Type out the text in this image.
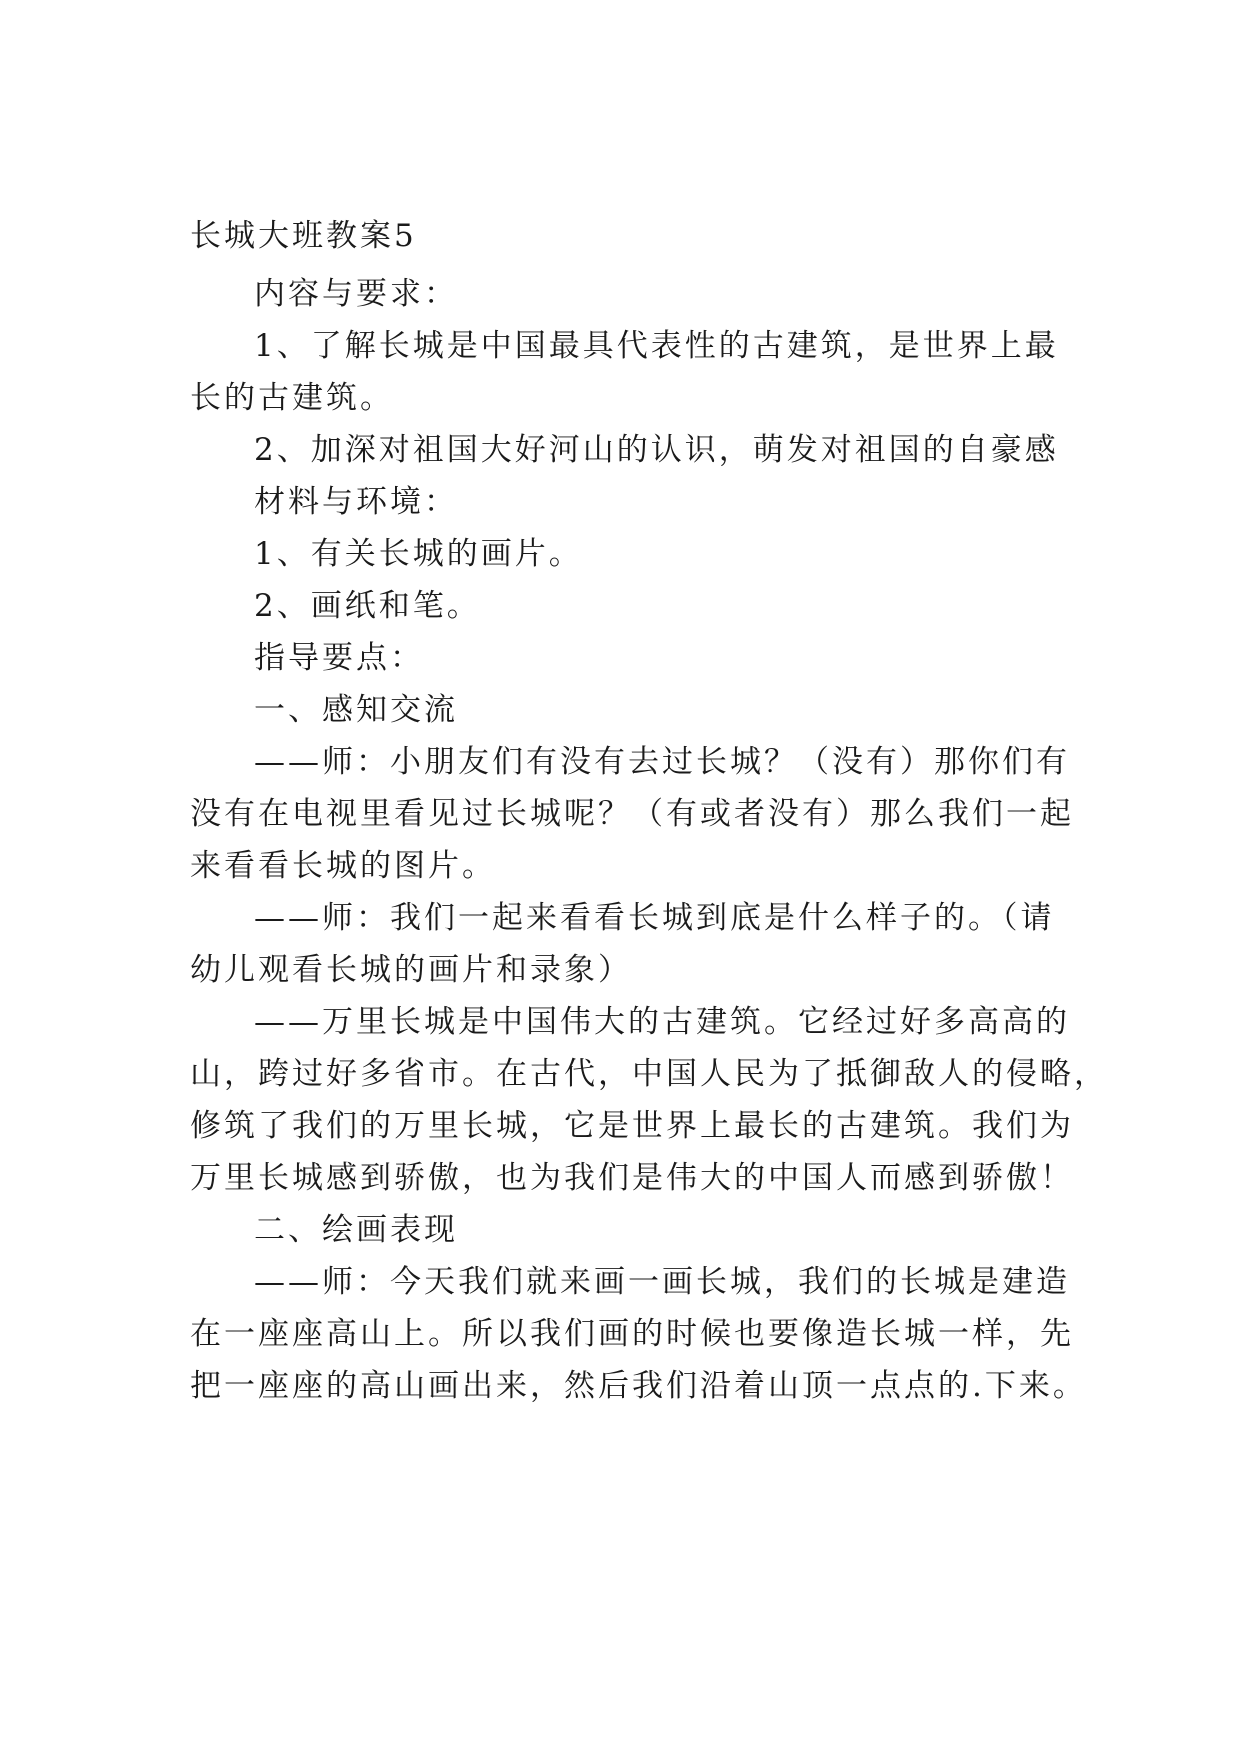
长城大班教案5
内容与要求：
1、了解长城是中国最具代表性的古建筑，是世界上最
长的古建筑。
2、加深对祖国大好河山的认识，萌发对祖国的自豪感
材料与环境：
1、有关长城的画片。
2、画纸和笔。
指导要点：
一、感知交流
——师：小朋友们有没有去过长城？（没有）那你们有
没有在电视里看见过长城呢？（有或者没有）那么我们一起
来看看长城的图片。
——师：我们一起来看看长城到底是什么样子的。（请
幼儿观看长城的画片和录象）
——万里长城是中国伟大的古建筑。它经过好多高高的
山，跨过好多省市。在古代，中国人民为了抵御敌人的侵略，
修筑了我们的万里长城，它是世界上最长的古建筑。我们为
万里长城感到骄傲，也为我们是伟大的中国人而感到骄傲！
二、绘画表现
——师：今天我们就来画一画长城，我们的长城是建造
在一座座高山上。所以我们画的时候也要像造长城一样，先
把一座座的高山画出来，然后我们沿着山顶一点点的.下来。
